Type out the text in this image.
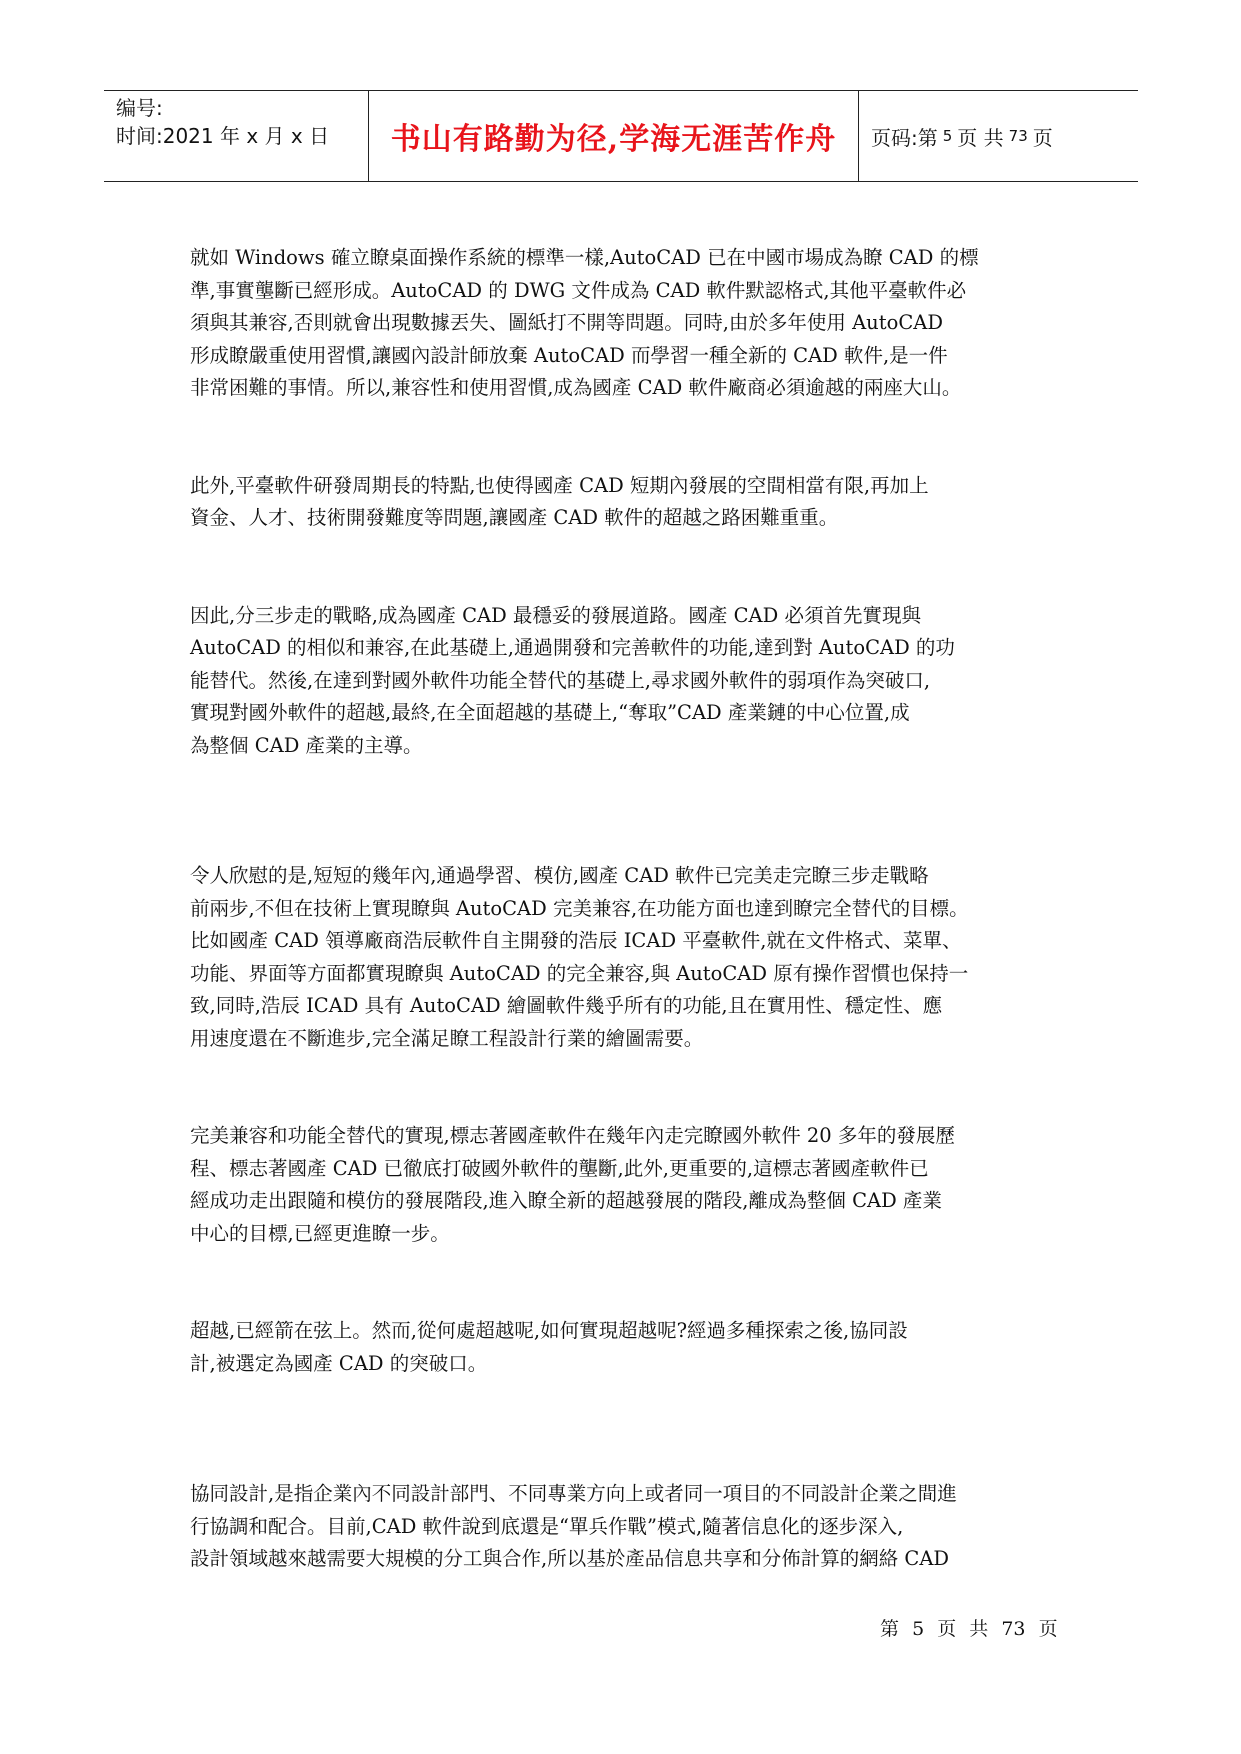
编号:
时间:2021 年 x 月 x 日	书山有路勤为径,学海无涯苦作舟 页码:第 5 页 共 73 页

就如 Windows 確立瞭桌面操作系統的標準一樣,AutoCAD 已在中國市場成為瞭 CAD 的標
準,事實壟斷已經形成。AutoCAD 的 DWG 文件成為 CAD 軟件默認格式,其他平臺軟件必
須與其兼容,否則就會出現數據丟失、圖紙打不開等問題。同時,由於多年使用 AutoCAD
形成瞭嚴重使用習慣,讓國內設計師放棄 AutoCAD 而學習一種全新的 CAD 軟件,是一件
非常困難的事情。所以,兼容性和使用習慣,成為國產 CAD 軟件廠商必須逾越的兩座大山。

此外,平臺軟件研發周期長的特點,也使得國產 CAD 短期內發展的空間相當有限,再加上
資金、人才、技術開發難度等問題,讓國產 CAD 軟件的超越之路困難重重。

因此,分三步走的戰略,成為國產 CAD 最穩妥的發展道路。國產 CAD 必須首先實現與
AutoCAD 的相似和兼容,在此基礎上,通過開發和完善軟件的功能,達到對 AutoCAD 的功
能替代。然後,在達到對國外軟件功能全替代的基礎上,尋求國外軟件的弱項作為突破口,
實現對國外軟件的超越,最終,在全面超越的基礎上,“奪取”CAD 產業鏈的中心位置,成
為整個 CAD 產業的主導。

令人欣慰的是,短短的幾年內,通過學習、模仿,國產 CAD 軟件已完美走完瞭三步走戰略
前兩步,不但在技術上實現瞭與 AutoCAD 完美兼容,在功能方面也達到瞭完全替代的目標。
比如國產 CAD 領導廠商浩辰軟件自主開發的浩辰 ICAD 平臺軟件,就在文件格式、菜單、
功能、界面等方面都實現瞭與 AutoCAD 的完全兼容,與 AutoCAD 原有操作習慣也保持一
致,同時,浩辰 ICAD 具有 AutoCAD 繪圖軟件幾乎所有的功能,且在實用性、穩定性、應
用速度還在不斷進步,完全滿足瞭工程設計行業的繪圖需要。

完美兼容和功能全替代的實現,標志著國產軟件在幾年內走完瞭國外軟件 20 多年的發展歷
程、標志著國產 CAD 已徹底打破國外軟件的壟斷,此外,更重要的,這標志著國產軟件已
經成功走出跟隨和模仿的發展階段,進入瞭全新的超越發展的階段,離成為整個 CAD 產業
中心的目標,已經更進瞭一步。

超越,已經箭在弦上。然而,從何處超越呢,如何實現超越呢?經過多種探索之後,協同設
計,被選定為國產 CAD 的突破口。

協同設計,是指企業內不同設計部門、不同專業方向上或者同一項目的不同設計企業之間進
行協調和配合。目前,CAD 軟件說到底還是“單兵作戰”模式,隨著信息化的逐步深入,
設計領域越來越需要大規模的分工與合作,所以基於產品信息共享和分佈計算的網絡 CAD

第 5 页 共 73 页
